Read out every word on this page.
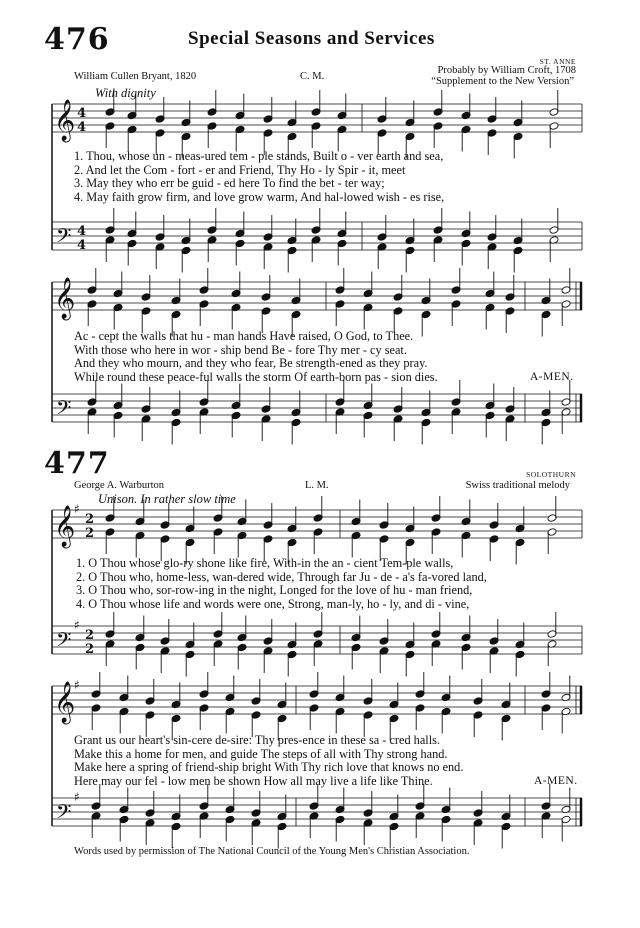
476	Special Seasons and Services
ST. ANNE
William Cullen Bryant, 1820	C. M.
Probably by William Croft, 1708
“Supplement to the New Version”
With dignity
𝄞
𝄢
𝄞
𝄢
𝄞
𝄢
𝄞
𝄢
4
4
4
4
2
2
2
2
♯
♯
♯
♯
1. Thou, whose un - meas-ured tem - ple stands, Built o - ver earth and sea,
2. And let the Com - fort - er and Friend, Thy Ho - ly Spir - it, meet
3. May they who err be guid - ed here To find the bet - ter way;
4. May faith grow firm, and love grow warm, And hal-lowed wish - es rise,
Ac - cept the walls that hu - man hands Have raised, O God, to Thee.
With those who here in wor - ship bend Be - fore Thy mer - cy seat.
And they who mourn, and they who fear, Be strength-ened as they pray.
While round these peace-ful walls the storm Of earth-born pas - sion dies.	A-MEN.
477	SOLOTHURN
George A. Warburton	L. M.	Swiss traditional melody
Unison. In rather slow time
1. O Thou whose glo-ry shone like fire, With-in the an - cient Tem-ple walls,
2. O Thou who, home-less, wan-dered wide, Through far Ju - de - a's fa-vored land,
3. O Thou who, sor-row-ing in the night, Longed for the love of hu - man friend,
4. O Thou whose life and words were one, Strong, man-ly, ho - ly, and di - vine,
Grant us our heart's sin-cere de-sire: Thy pres-ence in these sa - cred halls.
Make this a home for men, and guide The steps of all with Thy strong hand.
Make here a spring of friend-ship bright With Thy rich love that knows no end.
Here may our fel - low men be shown How all may live a life like Thine.	A-MEN.
Words used by permission of The National Council of the Young Men's Christian Association.
